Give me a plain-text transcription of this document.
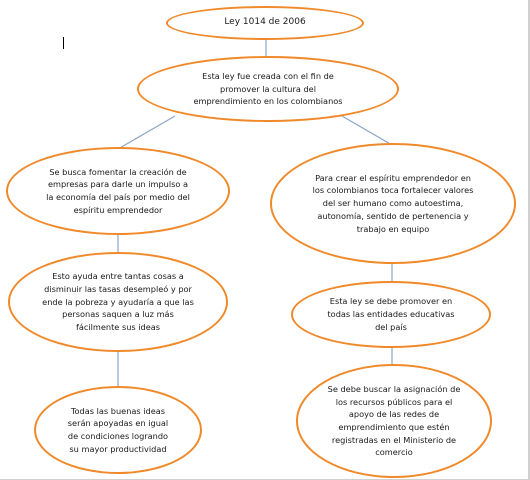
Ley 1014 de 2006
Esta ley fue creada con el fin de promover la cultura del emprendimiento en los colombianos
Se busca fomentar la creación de empresas para darle un impulso a la economía del país por medio del espíritu emprendedor
Para crear el espíritu emprendedor en los colombianos toca fortalecer valores del ser humano como autoestima, autonomía, sentido de pertenencia y trabajo en equipo
Esto ayuda entre tantas cosas a disminuir las tasas desempleó y por ende la pobreza y ayudaría a que las personas saquen a luz más fácilmente sus ideas
Esta ley se debe promover en todas las entidades educativas del país
Todas las buenas ideas serán apoyadas en igual de condiciones logrando su mayor productividad
Se debe buscar la asignación de los recursos públicos para el apoyo de las redes de emprendimiento que estén registradas en el Ministerio de comercio
